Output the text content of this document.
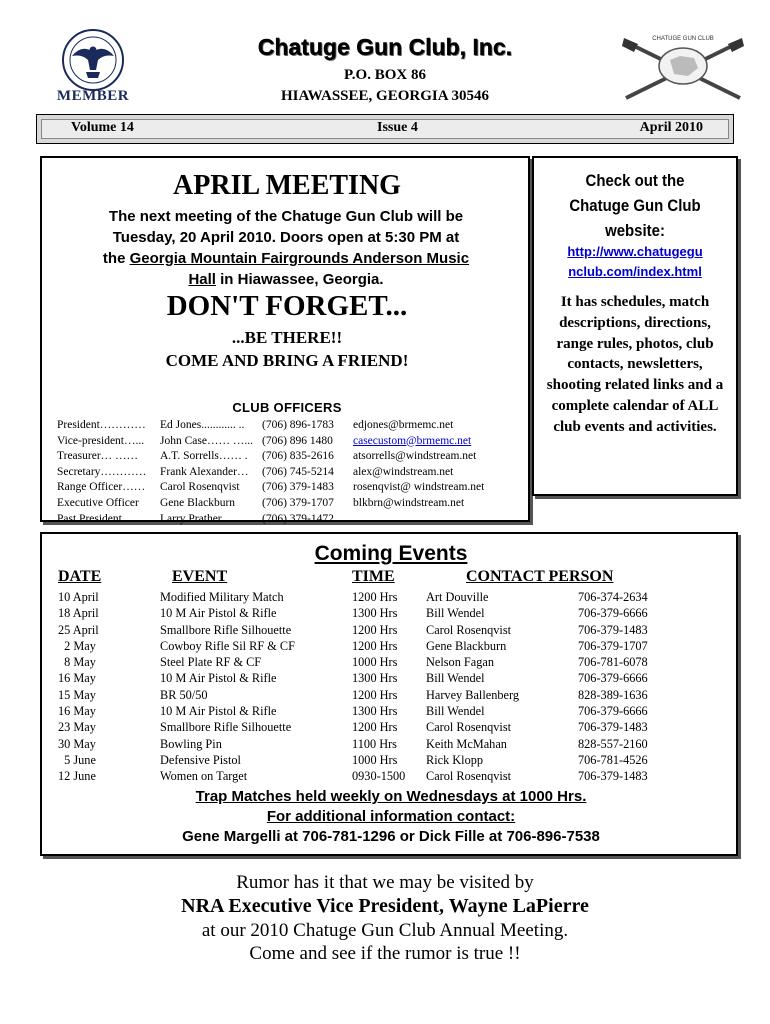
MEMBER
CHATUGE GUN CLUB
Chatuge Gun Club, Inc.
P.O. BOX 86
HIAWASSEE, GEORGIA 30546
Volume 14	Issue 4	April 2010
APRIL MEETING
The next meeting of the Chatuge Gun Club will be
Tuesday, 20 April 2010. Doors open at 5:30 PM at
the Georgia Mountain Fairgrounds Anderson Music
Hall in Hiawassee, Georgia.
DON'T FORGET...
...BE THERE!!
COME AND BRING A FRIEND!
CLUB OFFICERS
President………… Ed Jones............ .. (706) 896-1783 edjones@brmemc.net
Vice-president…... John Case…… …... (706) 896 1480 casecustom@brmemc.net
Treasurer… …… A.T. Sorrells…… . (706) 835-2616 atsorrells@windstream.net
Secretary………… Frank Alexander… (706) 745-5214 alex@windstream.net
Range Officer…… Carol Rosenqvist (706) 379-1483 rosenqvist@ windstream.net
Executive Officer Gene Blackburn (706) 379-1707 blkbrn@windstream.net
Past President…… Larry Prather…… .. (706) 379-1472
Check out the
Chatuge Gun Club
website:
http://www.chatugegu
nclub.com/index.html
It has schedules, match descriptions, directions, range rules, photos, club contacts, newsletters, shooting related links and a complete calendar of ALL club events and activities.
Coming Events
DATE	EVENT	TIME	CONTACT PERSON
10 April	Modified Military Match	1200 Hrs Art Douville	706-374-2634
18 April	10 M Air Pistol & Rifle	1300 Hrs Bill Wendel	706-379-6666
25 April	Smallbore Rifle Silhouette	1200 Hrs Carol Rosenqvist	706-379-1483
2 May	Cowboy Rifle Sil RF & CF	1200 Hrs Gene Blackburn	706-379-1707
8 May	Steel Plate RF & CF	1000 Hrs Nelson Fagan	706-781-6078
16 May	10 M Air Pistol & Rifle	1300 Hrs Bill Wendel	706-379-6666
15 May	BR 50/50	1200 Hrs Harvey Ballenberg	828-389-1636
16 May	10 M Air Pistol & Rifle	1300 Hrs Bill Wendel	706-379-6666
23 May	Smallbore Rifle Silhouette	1200 Hrs Carol Rosenqvist	706-379-1483
30 May	Bowling Pin	1100 Hrs Keith McMahan	828-557-2160
5 June	Defensive Pistol	1000 Hrs Rick Klopp	706-781-4526
12 June	Women on Target	0930-1500 Carol Rosenqvist	706-379-1483
Trap Matches held weekly on Wednesdays at 1000 Hrs.
For additional information contact:
Gene Margelli at 706-781-1296 or Dick Fille at 706-896-7538
Rumor has it that we may be visited by
NRA Executive Vice President, Wayne LaPierre
at our 2010 Chatuge Gun Club Annual Meeting.
Come and see if the rumor is true !!
